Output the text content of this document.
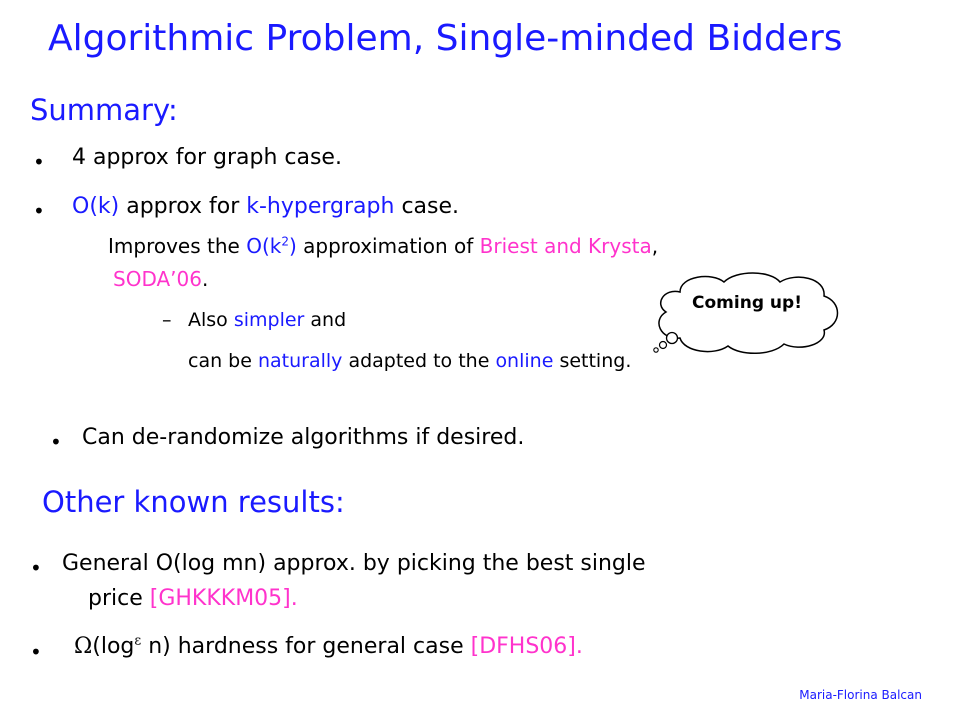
Algorithmic Problem, Single-minded Bidders
Summary:
• 4 approx for graph case.
• O(k) approx for k-hypergraph case.
Improves the $O(k^2)$ approximation of Briest and Krysta,
SODA’06.
– Also simpler and
can be naturally adapted to the online setting.
Coming up!
• Can de-randomize algorithms if desired.
Other known results:
• General O(log mn) approx. by picking the best single
price [GHKKKM05].
• $\Omega(\log^\varepsilon$ n) hardness for general case [DFHS06].
Maria-Florina Balcan
